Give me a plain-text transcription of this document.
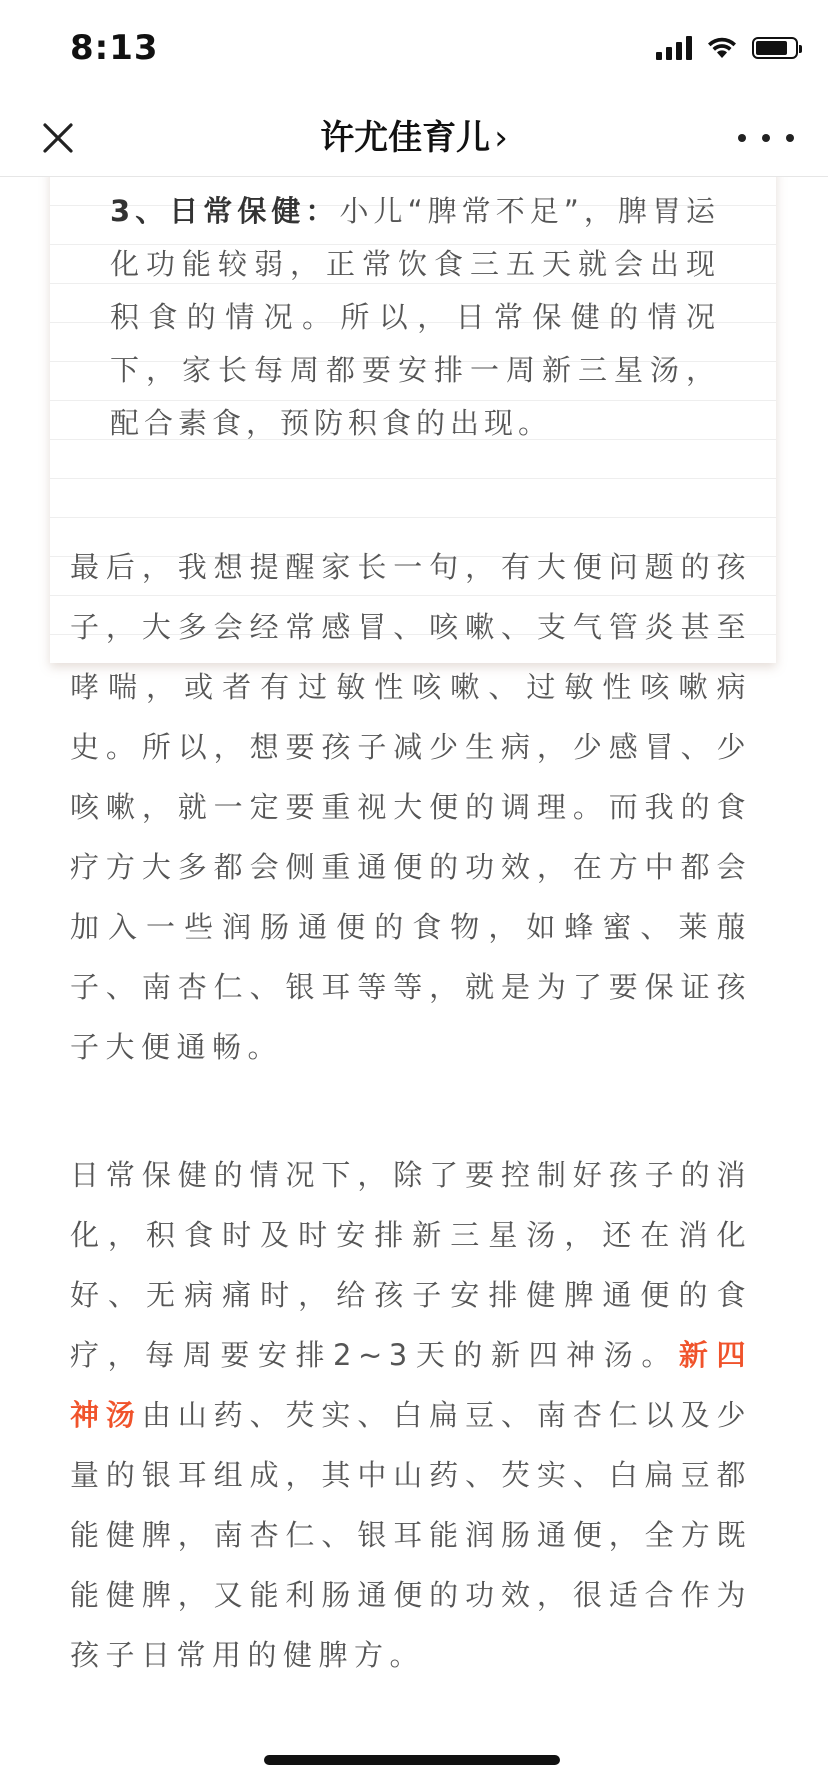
8:13
许尤佳育儿 ›
3、日常保健：小儿“脾常不足”，脾胃运化功能较弱，正常饮食三五天就会出现积食的情况。所以，日常保健的情况下，家长每周都要安排一周新三星汤，配合素食，预防积食的出现。
最后，我想提醒家长一句，有大便问题的孩子，大多会经常感冒、咳嗽、支气管炎甚至哮喘，或者有过敏性咳嗽、过敏性咳嗽病史。所以，想要孩子减少生病，少感冒、少咳嗽，就一定要重视大便的调理。而我的食疗方大多都会侧重通便的功效，在方中都会加入一些润肠通便的食物，如蜂蜜、莱菔子、南杏仁、银耳等等，就是为了要保证孩子大便通畅。
日常保健的情况下，除了要控制好孩子的消化，积食时及时安排新三星汤，还在消化好、无病痛时，给孩子安排健脾通便的食疗，每周要安排2~3天的新四神汤。新四神汤由山药、芡实、白扁豆、南杏仁以及少量的银耳组成，其中山药、芡实、白扁豆都能健脾，南杏仁、银耳能润肠通便，全方既能健脾，又能利肠通便的功效，很适合作为孩子日常用的健脾方。
